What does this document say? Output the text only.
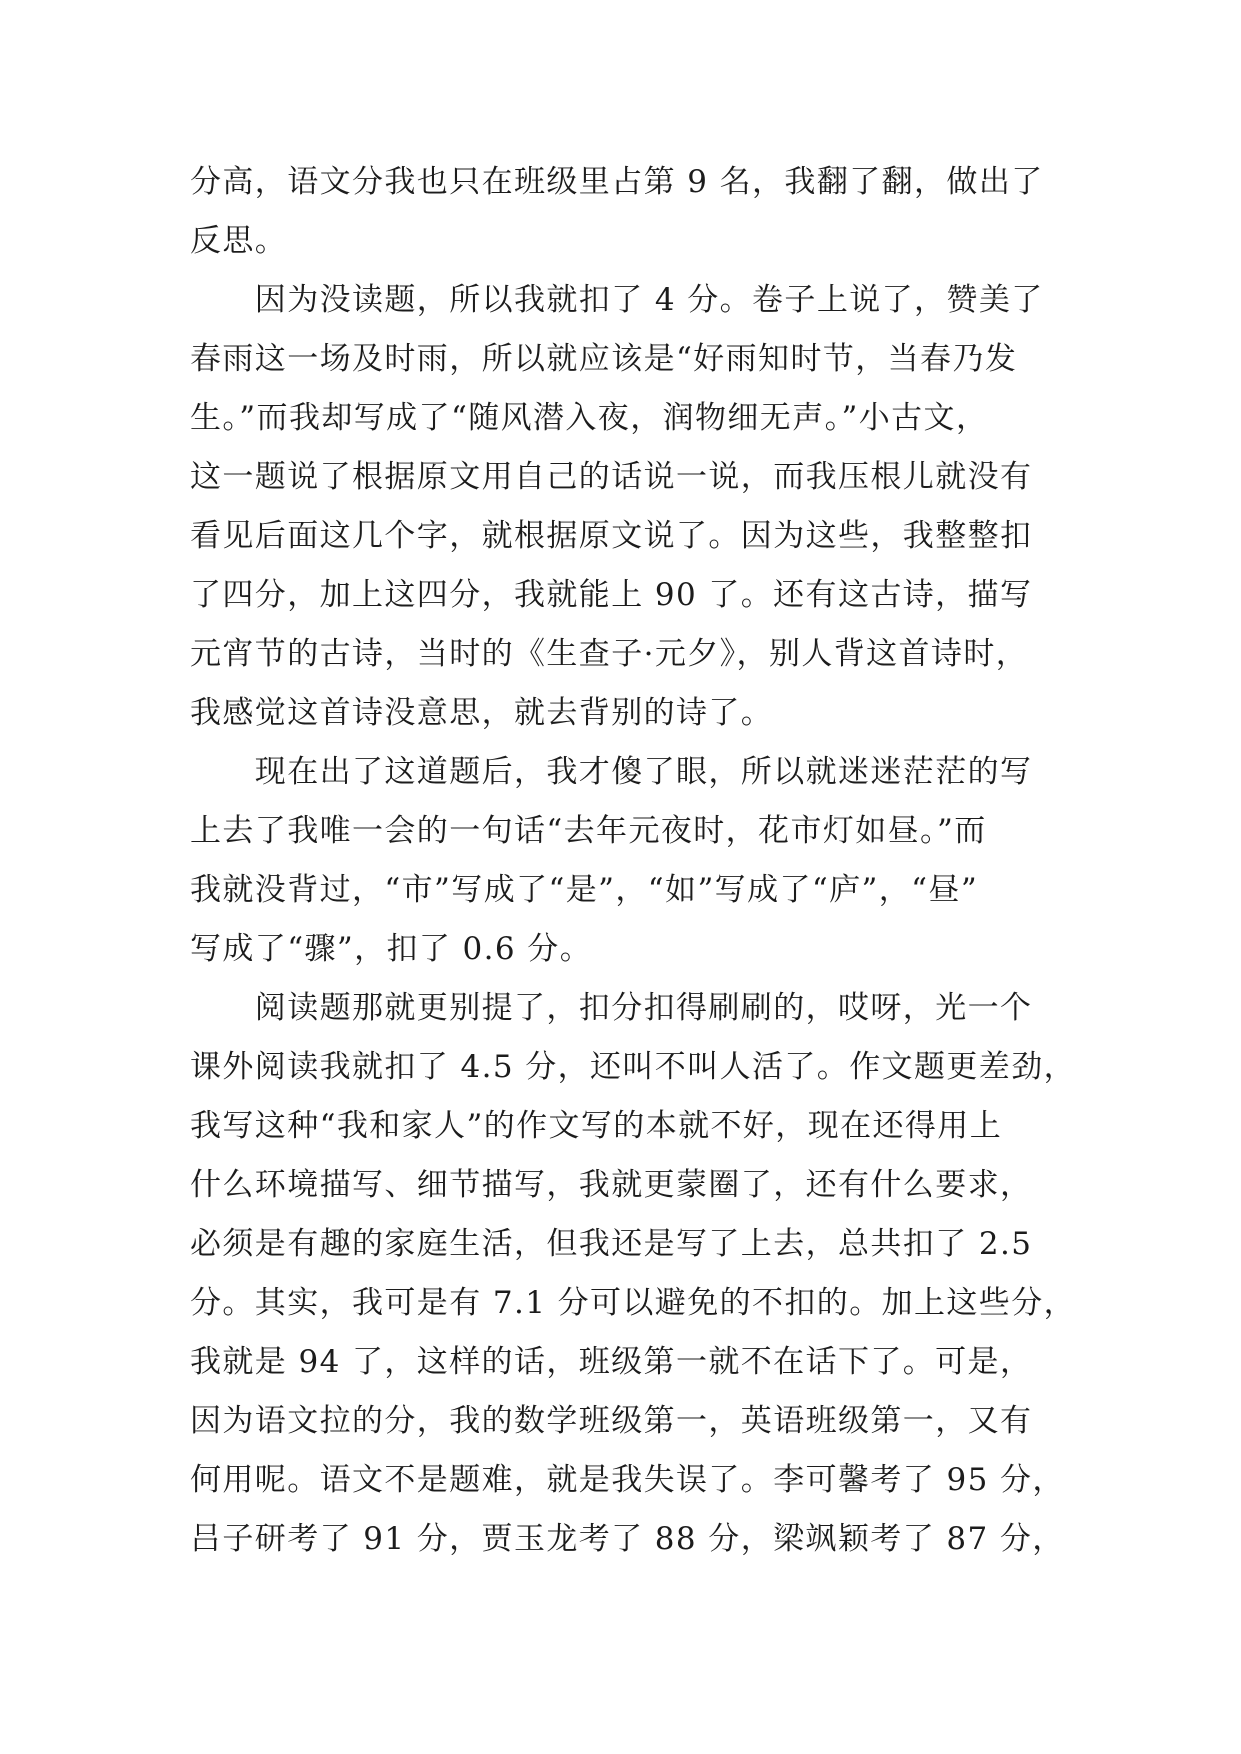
分高，语文分我也只在班级里占第 9 名，我翻了翻，做出了
反思。
　　因为没读题，所以我就扣了 4 分。卷子上说了，赞美了
春雨这一场及时雨，所以就应该是“好雨知时节，当春乃发
生。”而我却写成了“随风潜入夜，润物细无声。”小古文，
这一题说了根据原文用自己的话说一说，而我压根儿就没有
看见后面这几个字，就根据原文说了。因为这些，我整整扣
了四分，加上这四分，我就能上 90 了。还有这古诗，描写
元宵节的古诗，当时的《生查子·元夕》，别人背这首诗时，
我感觉这首诗没意思，就去背别的诗了。
　　现在出了这道题后，我才傻了眼，所以就迷迷茫茫的写
上去了我唯一会的一句话“去年元夜时，花市灯如昼。”而
我就没背过，“市”写成了“是”，“如”写成了“庐”，“昼”
写成了“骤”，扣了 0.6 分。
　　阅读题那就更别提了，扣分扣得刷刷的，哎呀，光一个
课外阅读我就扣了 4.5 分，还叫不叫人活了。作文题更差劲，
我写这种“我和家人”的作文写的本就不好，现在还得用上
什么环境描写、细节描写，我就更蒙圈了，还有什么要求，
必须是有趣的家庭生活，但我还是写了上去，总共扣了 2.5
分。其实，我可是有 7.1 分可以避免的不扣的。加上这些分，
我就是 94 了，这样的话，班级第一就不在话下了。可是，
因为语文拉的分，我的数学班级第一，英语班级第一，又有
何用呢。语文不是题难，就是我失误了。李可馨考了 95 分，
吕子研考了 91 分，贾玉龙考了 88 分，梁飒颖考了 87 分，
